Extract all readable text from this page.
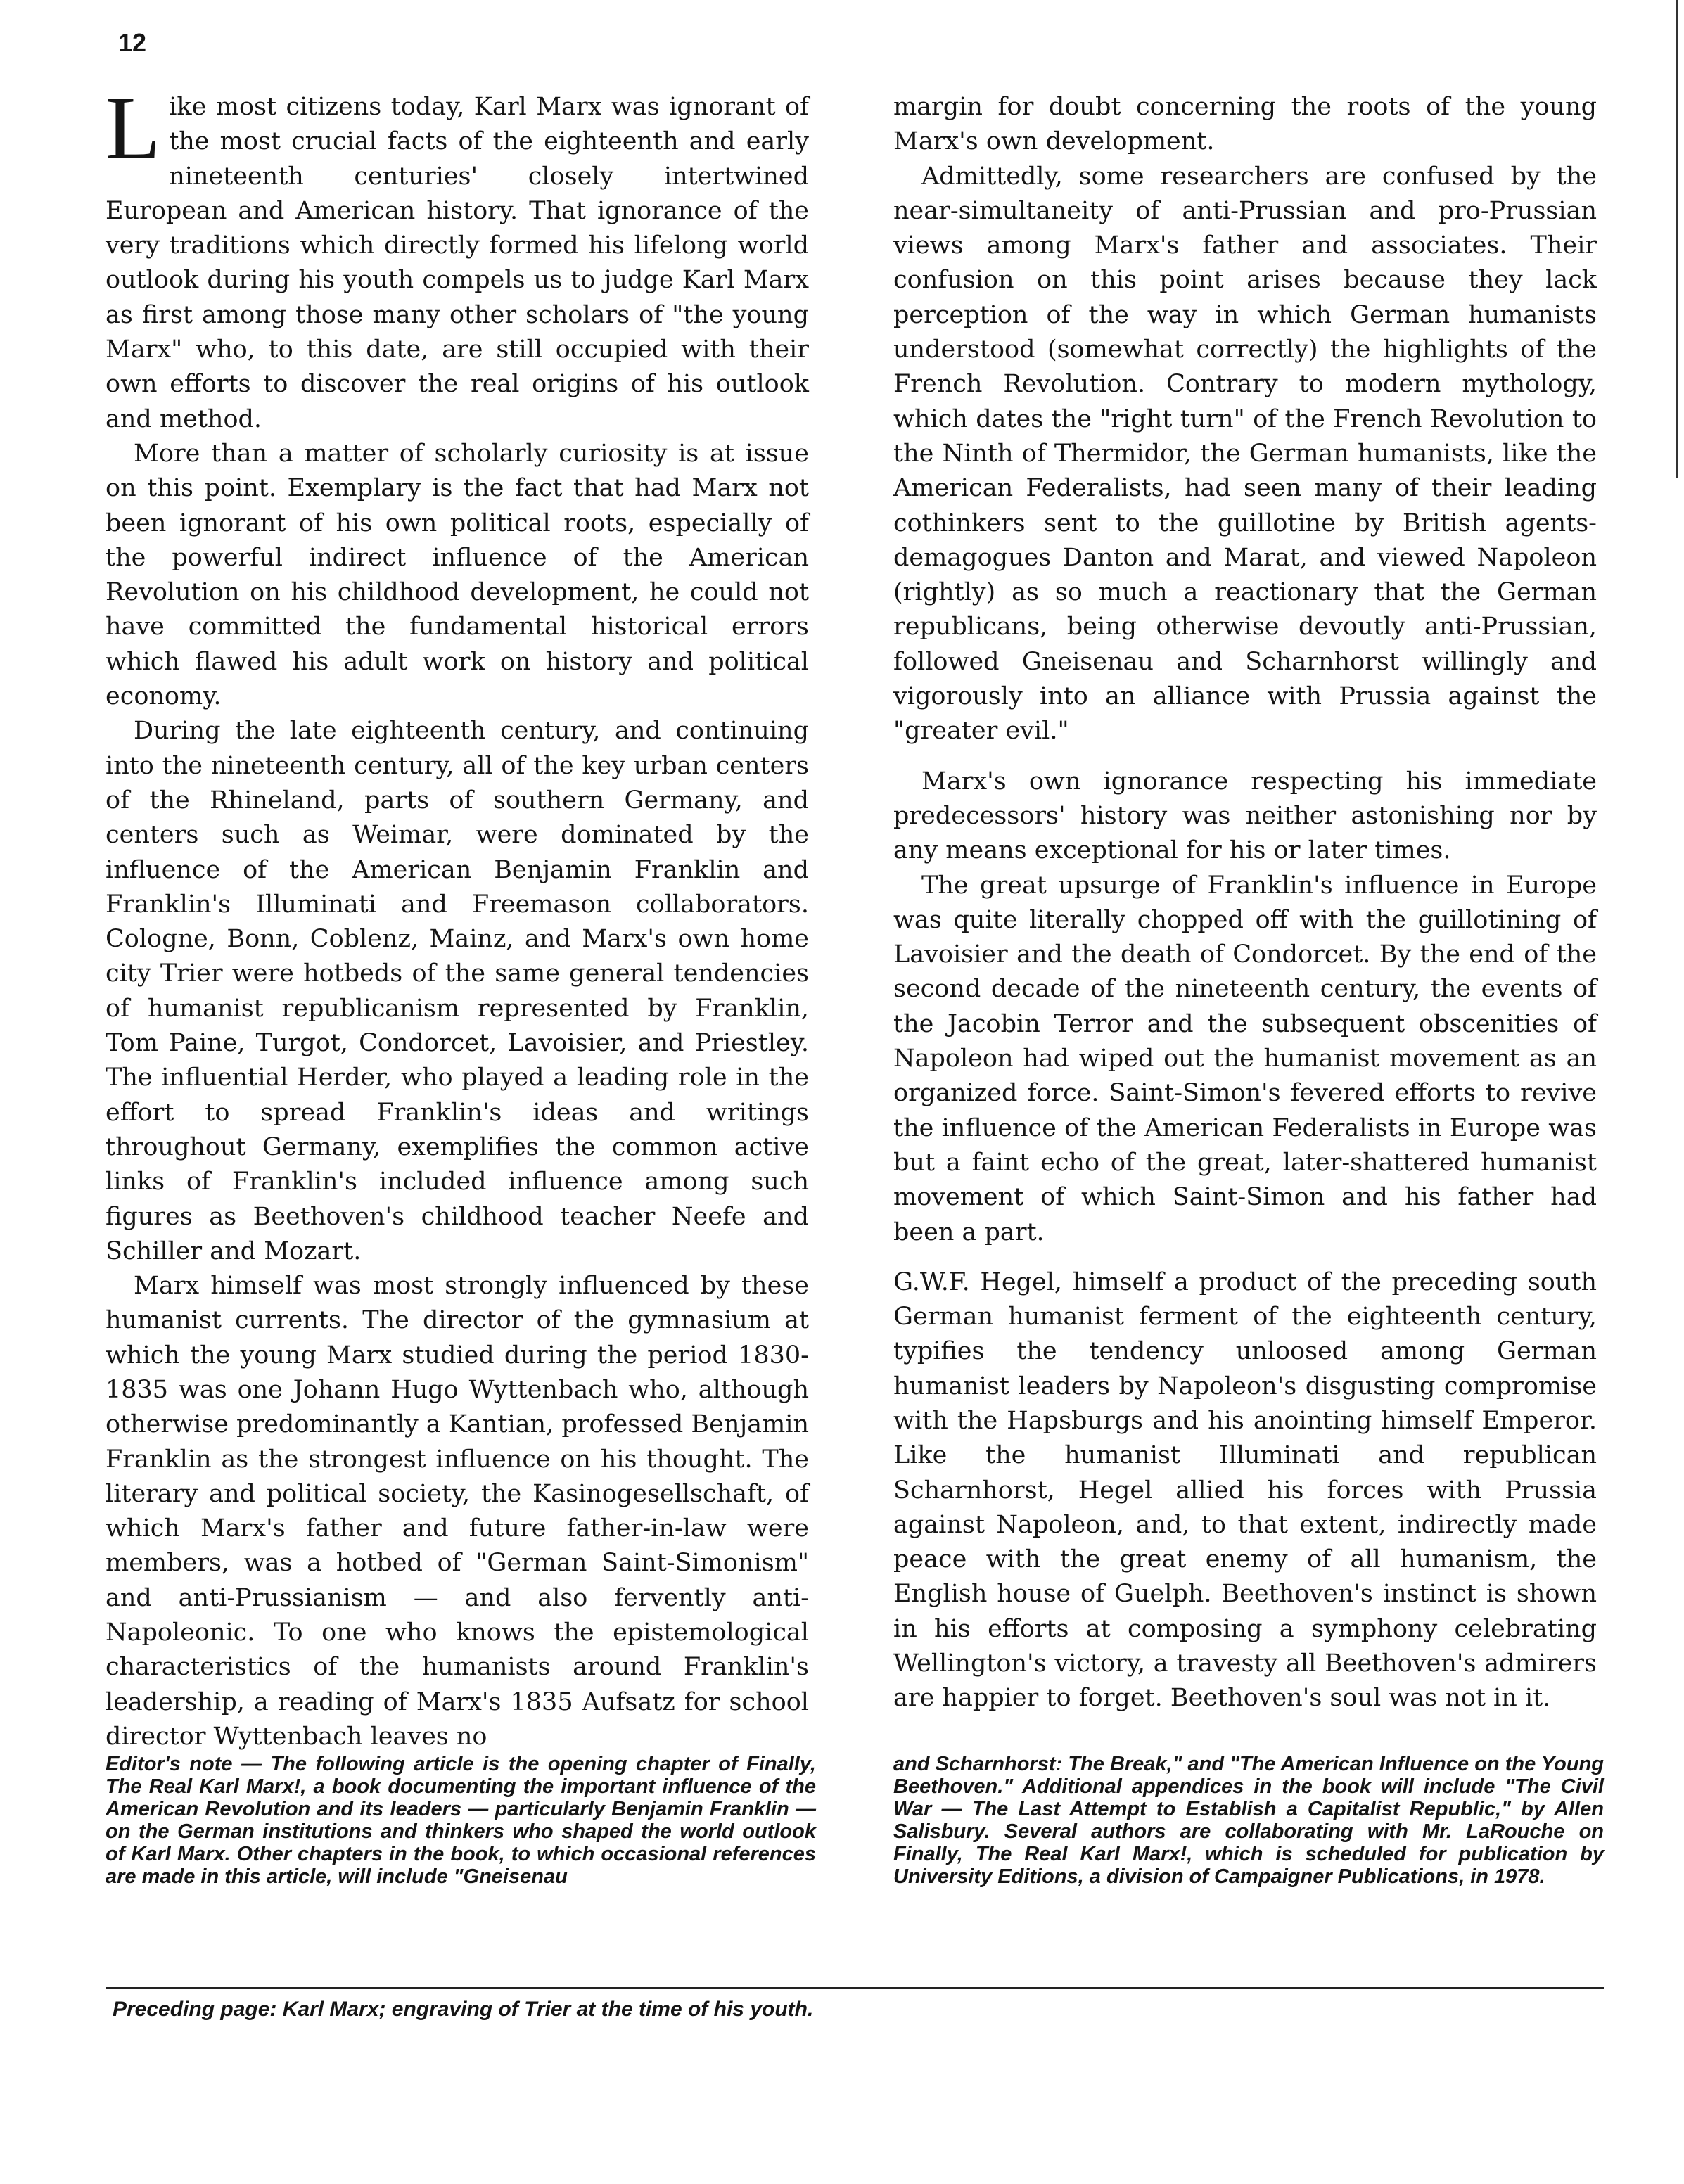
12

Like most citizens today, Karl Marx was ignorant of the most crucial facts of the eighteenth and early nineteenth centuries' closely intertwined European and American history. That ignorance of the very traditions which directly formed his lifelong world outlook during his youth compels us to judge Karl Marx as first among those many other scholars of "the young Marx" who, to this date, are still occupied with their own efforts to discover the real origins of his outlook and method.

More than a matter of scholarly curiosity is at issue on this point. Exemplary is the fact that had Marx not been ignorant of his own political roots, especially of the powerful indirect influence of the American Revolution on his childhood development, he could not have committed the fundamental historical errors which flawed his adult work on history and political economy.

During the late eighteenth century, and continuing into the nineteenth century, all of the key urban centers of the Rhineland, parts of southern Germany, and centers such as Weimar, were dominated by the influence of the American Benjamin Franklin and Franklin's Illuminati and Freemason collaborators. Cologne, Bonn, Coblenz, Mainz, and Marx's own home city Trier were hotbeds of the same general tendencies of humanist republicanism represented by Franklin, Tom Paine, Turgot, Condorcet, Lavoisier, and Priestley. The influential Herder, who played a leading role in the effort to spread Franklin's ideas and writings throughout Germany, exemplifies the common active links of Franklin's included influence among such figures as Beethoven's childhood teacher Neefe and Schiller and Mozart.

Marx himself was most strongly influenced by these humanist currents. The director of the gymnasium at which the young Marx studied during the period 1830-1835 was one Johann Hugo Wyttenbach who, although otherwise predominantly a Kantian, professed Benjamin Franklin as the strongest influence on his thought. The literary and political society, the Kasinogesellschaft, of which Marx's father and future father-in-law were members, was a hotbed of "German Saint-Simonism" and anti-Prussianism — and also fervently anti-Napoleonic. To one who knows the epistemological characteristics of the humanists around Franklin's leadership, a reading of Marx's 1835 Aufsatz for school director Wyttenbach leaves no

margin for doubt concerning the roots of the young Marx's own development.

Admittedly, some researchers are confused by the near-simultaneity of anti-Prussian and pro-Prussian views among Marx's father and associates. Their confusion on this point arises because they lack perception of the way in which German humanists understood (somewhat correctly) the highlights of the French Revolution. Contrary to modern mythology, which dates the "right turn" of the French Revolution to the Ninth of Thermidor, the German humanists, like the American Federalists, had seen many of their leading cothinkers sent to the guillotine by British agents-demagogues Danton and Marat, and viewed Napoleon (rightly) as so much a reactionary that the German republicans, being otherwise devoutly anti-Prussian, followed Gneisenau and Scharnhorst willingly and vigorously into an alliance with Prussia against the "greater evil."

Marx's own ignorance respecting his immediate predecessors' history was neither astonishing nor by any means exceptional for his or later times.

The great upsurge of Franklin's influence in Europe was quite literally chopped off with the guillotining of Lavoisier and the death of Condorcet. By the end of the second decade of the nineteenth century, the events of the Jacobin Terror and the subsequent obscenities of Napoleon had wiped out the humanist movement as an organized force. Saint-Simon's fevered efforts to revive the influence of the American Federalists in Europe was but a faint echo of the great, later-shattered humanist movement of which Saint-Simon and his father had been a part.

G.W.F. Hegel, himself a product of the preceding south German humanist ferment of the eighteenth century, typifies the tendency unloosed among German humanist leaders by Napoleon's disgusting compromise with the Hapsburgs and his anointing himself Emperor. Like the humanist Illuminati and republican Scharnhorst, Hegel allied his forces with Prussia against Napoleon, and, to that extent, indirectly made peace with the great enemy of all humanism, the English house of Guelph. Beethoven's instinct is shown in his efforts at composing a symphony celebrating Wellington's victory, a travesty all Beethoven's admirers are happier to forget. Beethoven's soul was not in it.

Editor's note — The following article is the opening chapter of Finally, The Real Karl Marx!, a book documenting the important influence of the American Revolution and its leaders — particularly Benjamin Franklin — on the German institutions and thinkers who shaped the world outlook of Karl Marx. Other chapters in the book, to which occasional references are made in this article, will include "Gneisenau

and Scharnhorst: The Break," and "The American Influence on the Young Beethoven." Additional appendices in the book will include "The Civil War — The Last Attempt to Establish a Capitalist Republic," by Allen Salisbury. Several authors are collaborating with Mr. LaRouche on Finally, The Real Karl Marx!, which is scheduled for publication by University Editions, a division of Campaigner Publications, in 1978.

Preceding page: Karl Marx; engraving of Trier at the time of his youth.
